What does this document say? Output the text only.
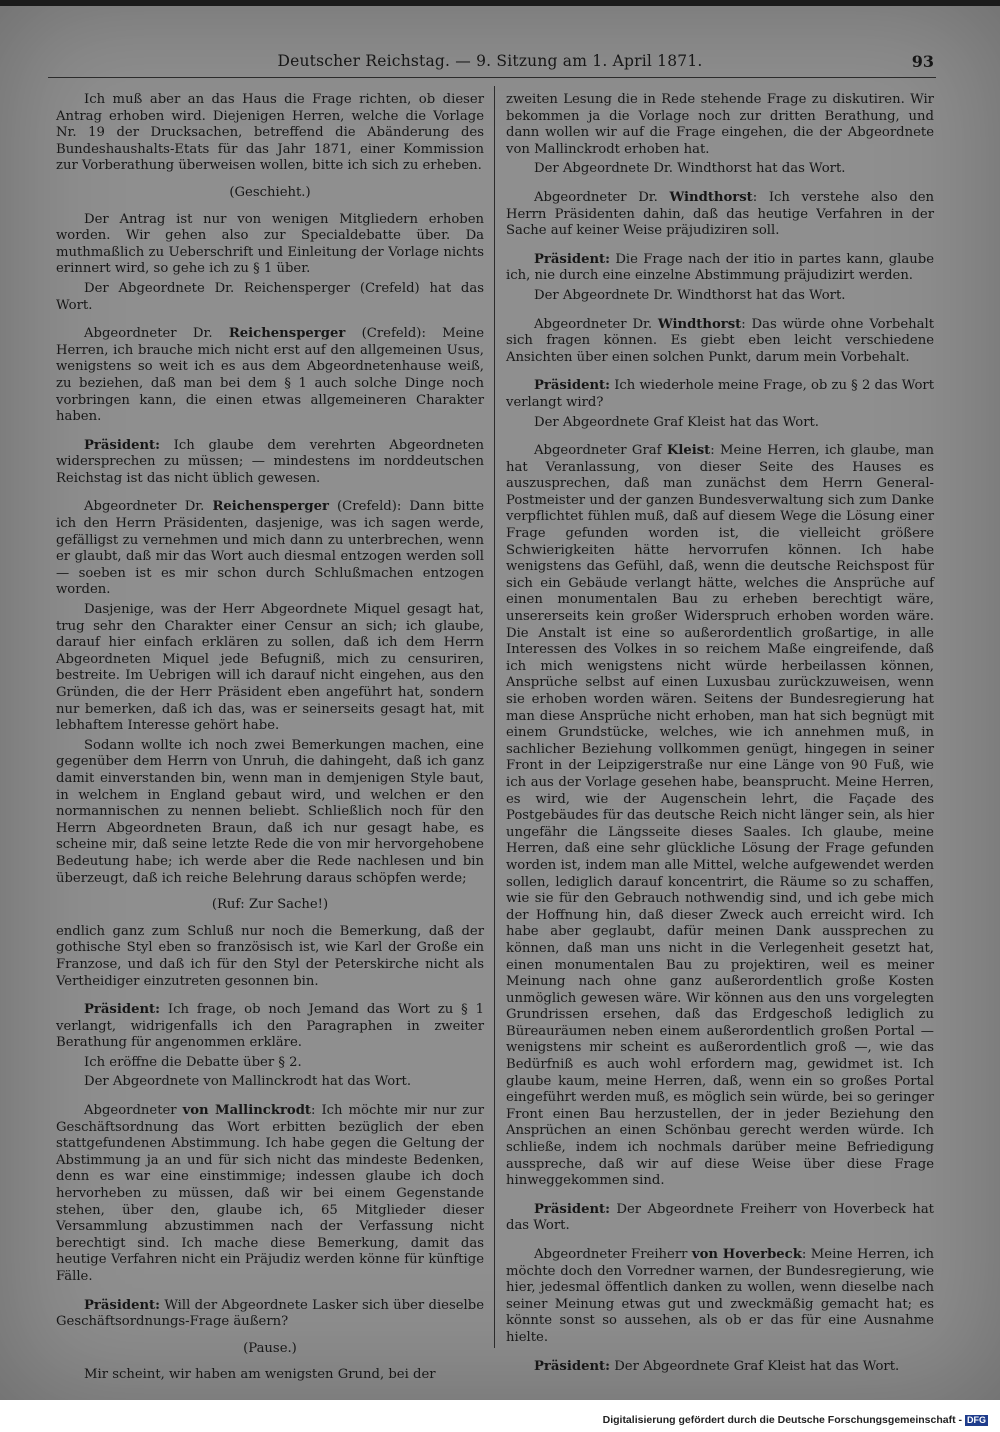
Deutscher Reichstag. — 9. Sitzung am 1. April 1871.	93

Ich muß aber an das Haus die Frage richten, ob dieser Antrag erhoben wird. Diejenigen Herren, welche die Vorlage Nr. 19 der Drucksachen, betreffend die Abänderung des Bundeshaushalts-Etats für das Jahr 1871, einer Kommission zur Vorberathung überweisen wollen, bitte ich sich zu erheben.

(Geschieht.)

Der Antrag ist nur von wenigen Mitgliedern erhoben worden. Wir gehen also zur Specialdebatte über. Da muthmaßlich zu Ueberschrift und Einleitung der Vorlage nichts erinnert wird, so gehe ich zu § 1 über.

Der Abgeordnete Dr. Reichensperger (Crefeld) hat das Wort.

Abgeordneter Dr. Reichensperger (Crefeld): Meine Herren, ich brauche mich nicht erst auf den allgemeinen Usus, wenigstens so weit ich es aus dem Abgeordnetenhause weiß, zu beziehen, daß man bei dem § 1 auch solche Dinge noch vorbringen kann, die einen etwas allgemeineren Charakter haben.

Präsident: Ich glaube dem verehrten Abgeordneten widersprechen zu müssen; — mindestens im norddeutschen Reichstag ist das nicht üblich gewesen.

Abgeordneter Dr. Reichensperger (Crefeld): Dann bitte ich den Herrn Präsidenten, dasjenige, was ich sagen werde, gefälligst zu vernehmen und mich dann zu unterbrechen, wenn er glaubt, daß mir das Wort auch diesmal entzogen werden soll — soeben ist es mir schon durch Schlußmachen entzogen worden.

Dasjenige, was der Herr Abgeordnete Miquel gesagt hat, trug sehr den Charakter einer Censur an sich; ich glaube, darauf hier einfach erklären zu sollen, daß ich dem Herrn Abgeordneten Miquel jede Befugniß, mich zu censuriren, bestreite. Im Uebrigen will ich darauf nicht eingehen, aus den Gründen, die der Herr Präsident eben angeführt hat, sondern nur bemerken, daß ich das, was er seinerseits gesagt hat, mit lebhaftem Interesse gehört habe.

Sodann wollte ich noch zwei Bemerkungen machen, eine gegenüber dem Herrn von Unruh, die dahingeht, daß ich ganz damit einverstanden bin, wenn man in demjenigen Style baut, in welchem in England gebaut wird, und welchen er den normannischen zu nennen beliebt. Schließlich noch für den Herrn Abgeordneten Braun, daß ich nur gesagt habe, es scheine mir, daß seine letzte Rede die von mir hervorgehobene Bedeutung habe; ich werde aber die Rede nachlesen und bin überzeugt, daß ich reiche Belehrung daraus schöpfen werde;

(Ruf: Zur Sache!)

endlich ganz zum Schluß nur noch die Bemerkung, daß der gothische Styl eben so französisch ist, wie Karl der Große ein Franzose, und daß ich für den Styl der Peterskirche nicht als Vertheidiger einzutreten gesonnen bin.

Präsident: Ich frage, ob noch Jemand das Wort zu § 1 verlangt, widrigenfalls ich den Paragraphen in zweiter Berathung für angenommen erkläre.

Ich eröffne die Debatte über § 2.

Der Abgeordnete von Mallinckrodt hat das Wort.

Abgeordneter von Mallinckrodt: Ich möchte mir nur zur Geschäftsordnung das Wort erbitten bezüglich der eben stattgefundenen Abstimmung. Ich habe gegen die Geltung der Abstimmung ja an und für sich nicht das mindeste Bedenken, denn es war eine einstimmige; indessen glaube ich doch hervorheben zu müssen, daß wir bei einem Gegenstande stehen, über den, glaube ich, 65 Mitglieder dieser Versammlung abzustimmen nach der Verfassung nicht berechtigt sind. Ich mache diese Bemerkung, damit das heutige Verfahren nicht ein Präjudiz werden könne für künftige Fälle.

Präsident: Will der Abgeordnete Lasker sich über dieselbe Geschäftsordnungs-Frage äußern?

(Pause.)

Mir scheint, wir haben am wenigsten Grund, bei der

zweiten Lesung die in Rede stehende Frage zu diskutiren. Wir bekommen ja die Vorlage noch zur dritten Berathung, und dann wollen wir auf die Frage eingehen, die der Abgeordnete von Mallinckrodt erhoben hat.

Der Abgeordnete Dr. Windthorst hat das Wort.

Abgeordneter Dr. Windthorst: Ich verstehe also den Herrn Präsidenten dahin, daß das heutige Verfahren in der Sache auf keiner Weise präjudiziren soll.

Präsident: Die Frage nach der itio in partes kann, glaube ich, nie durch eine einzelne Abstimmung präjudizirt werden.

Der Abgeordnete Dr. Windthorst hat das Wort.

Abgeordneter Dr. Windthorst: Das würde ohne Vorbehalt sich fragen können. Es giebt eben leicht verschiedene Ansichten über einen solchen Punkt, darum mein Vorbehalt.

Präsident: Ich wiederhole meine Frage, ob zu § 2 das Wort verlangt wird?

Der Abgeordnete Graf Kleist hat das Wort.

Abgeordneter Graf Kleist: Meine Herren, ich glaube, man hat Veranlassung, von dieser Seite des Hauses es auszusprechen, daß man zunächst dem Herrn General-Postmeister und der ganzen Bundesverwaltung sich zum Danke verpflichtet fühlen muß, daß auf diesem Wege die Lösung einer Frage gefunden worden ist, die vielleicht größere Schwierigkeiten hätte hervorrufen können. Ich habe wenigstens das Gefühl, daß, wenn die deutsche Reichspost für sich ein Gebäude verlangt hätte, welches die Ansprüche auf einen monumentalen Bau zu erheben berechtigt wäre, unsererseits kein großer Widerspruch erhoben worden wäre. Die Anstalt ist eine so außerordentlich großartige, in alle Interessen des Volkes in so reichem Maße eingreifende, daß ich mich wenigstens nicht würde herbeilassen können, Ansprüche selbst auf einen Luxusbau zurückzuweisen, wenn sie erhoben worden wären. Seitens der Bundesregierung hat man diese Ansprüche nicht erhoben, man hat sich begnügt mit einem Grundstücke, welches, wie ich annehmen muß, in sachlicher Beziehung vollkommen genügt, hingegen in seiner Front in der Leipzigerstraße nur eine Länge von 90 Fuß, wie ich aus der Vorlage gesehen habe, beansprucht. Meine Herren, es wird, wie der Augenschein lehrt, die Façade des Postgebäudes für das deutsche Reich nicht länger sein, als hier ungefähr die Längsseite dieses Saales. Ich glaube, meine Herren, daß eine sehr glückliche Lösung der Frage gefunden worden ist, indem man alle Mittel, welche aufgewendet werden sollen, lediglich darauf koncentrirt, die Räume so zu schaffen, wie sie für den Gebrauch nothwendig sind, und ich gebe mich der Hoffnung hin, daß dieser Zweck auch erreicht wird. Ich habe aber geglaubt, dafür meinen Dank aussprechen zu können, daß man uns nicht in die Verlegenheit gesetzt hat, einen monumentalen Bau zu projektiren, weil es meiner Meinung nach ohne ganz außerordentlich große Kosten unmöglich gewesen wäre. Wir können aus den uns vorgelegten Grundrissen ersehen, daß das Erdgeschoß lediglich zu Büreauräumen neben einem außerordentlich großen Portal — wenigstens mir scheint es außerordentlich groß —, wie das Bedürfniß es auch wohl erfordern mag, gewidmet ist. Ich glaube kaum, meine Herren, daß, wenn ein so großes Portal eingeführt werden muß, es möglich sein würde, bei so geringer Front einen Bau herzustellen, der in jeder Beziehung den Ansprüchen an einen Schönbau gerecht werden würde. Ich schließe, indem ich nochmals darüber meine Befriedigung ausspreche, daß wir auf diese Weise über diese Frage hinweggekommen sind.

Präsident: Der Abgeordnete Freiherr von Hoverbeck hat das Wort.

Abgeordneter Freiherr von Hoverbeck: Meine Herren, ich möchte doch den Vorredner warnen, der Bundesregierung, wie hier, jedesmal öffentlich danken zu wollen, wenn dieselbe nach seiner Meinung etwas gut und zweckmäßig gemacht hat; es könnte sonst so aussehen, als ob er das für eine Ausnahme hielte.

Präsident: Der Abgeordnete Graf Kleist hat das Wort.

Digitalisierung gefördert durch die Deutsche Forschungsgemeinschaft - DFG
